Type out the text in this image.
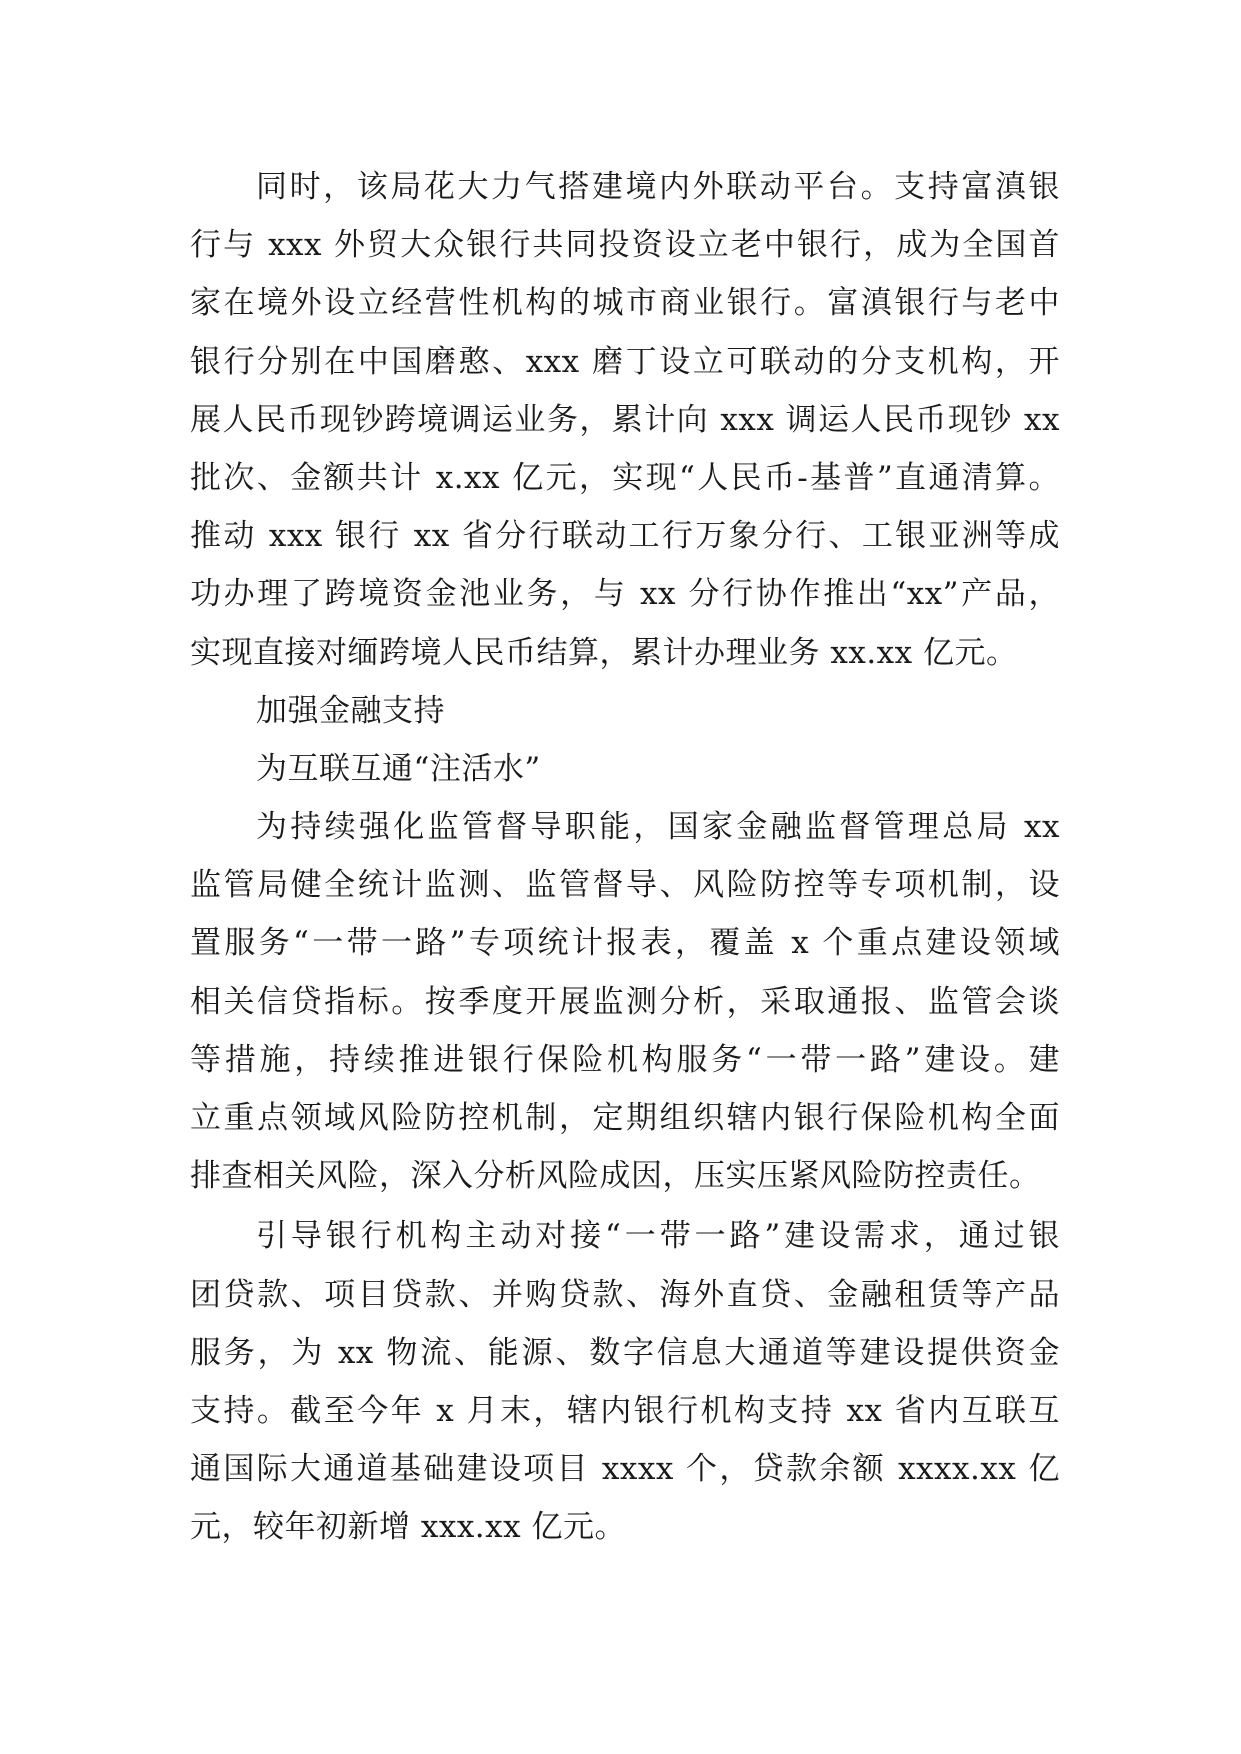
同时，该局花大力气搭建境内外联动平台。支持富滇银
行与 xxx 外贸大众银行共同投资设立老中银行，成为全国首
家在境外设立经营性机构的城市商业银行。富滇银行与老中
银行分别在中国磨憨、xxx 磨丁设立可联动的分支机构，开
展人民币现钞跨境调运业务，累计向 xxx 调运人民币现钞 xx
批次、金额共计 x.xx 亿元，实现“人民币-基普”直通清算。
推动 xxx 银行 xx 省分行联动工行万象分行、工银亚洲等成
功办理了跨境资金池业务，与 xx 分行协作推出“xx”产品，
实现直接对缅跨境人民币结算，累计办理业务 xx.xx 亿元。
加强金融支持
为互联互通“注活水”
为持续强化监管督导职能，国家金融监督管理总局 xx
监管局健全统计监测、监管督导、风险防控等专项机制，设
置服务“一带一路”专项统计报表，覆盖 x 个重点建设领域
相关信贷指标。按季度开展监测分析，采取通报、监管会谈
等措施，持续推进银行保险机构服务“一带一路”建设。建
立重点领域风险防控机制，定期组织辖内银行保险机构全面
排查相关风险，深入分析风险成因，压实压紧风险防控责任。
引导银行机构主动对接“一带一路”建设需求，通过银
团贷款、项目贷款、并购贷款、海外直贷、金融租赁等产品
服务，为 xx 物流、能源、数字信息大通道等建设提供资金
支持。截至今年 x 月末，辖内银行机构支持 xx 省内互联互
通国际大通道基础建设项目 xxxx 个，贷款余额 xxxx.xx 亿
元，较年初新增 xxx.xx 亿元。
